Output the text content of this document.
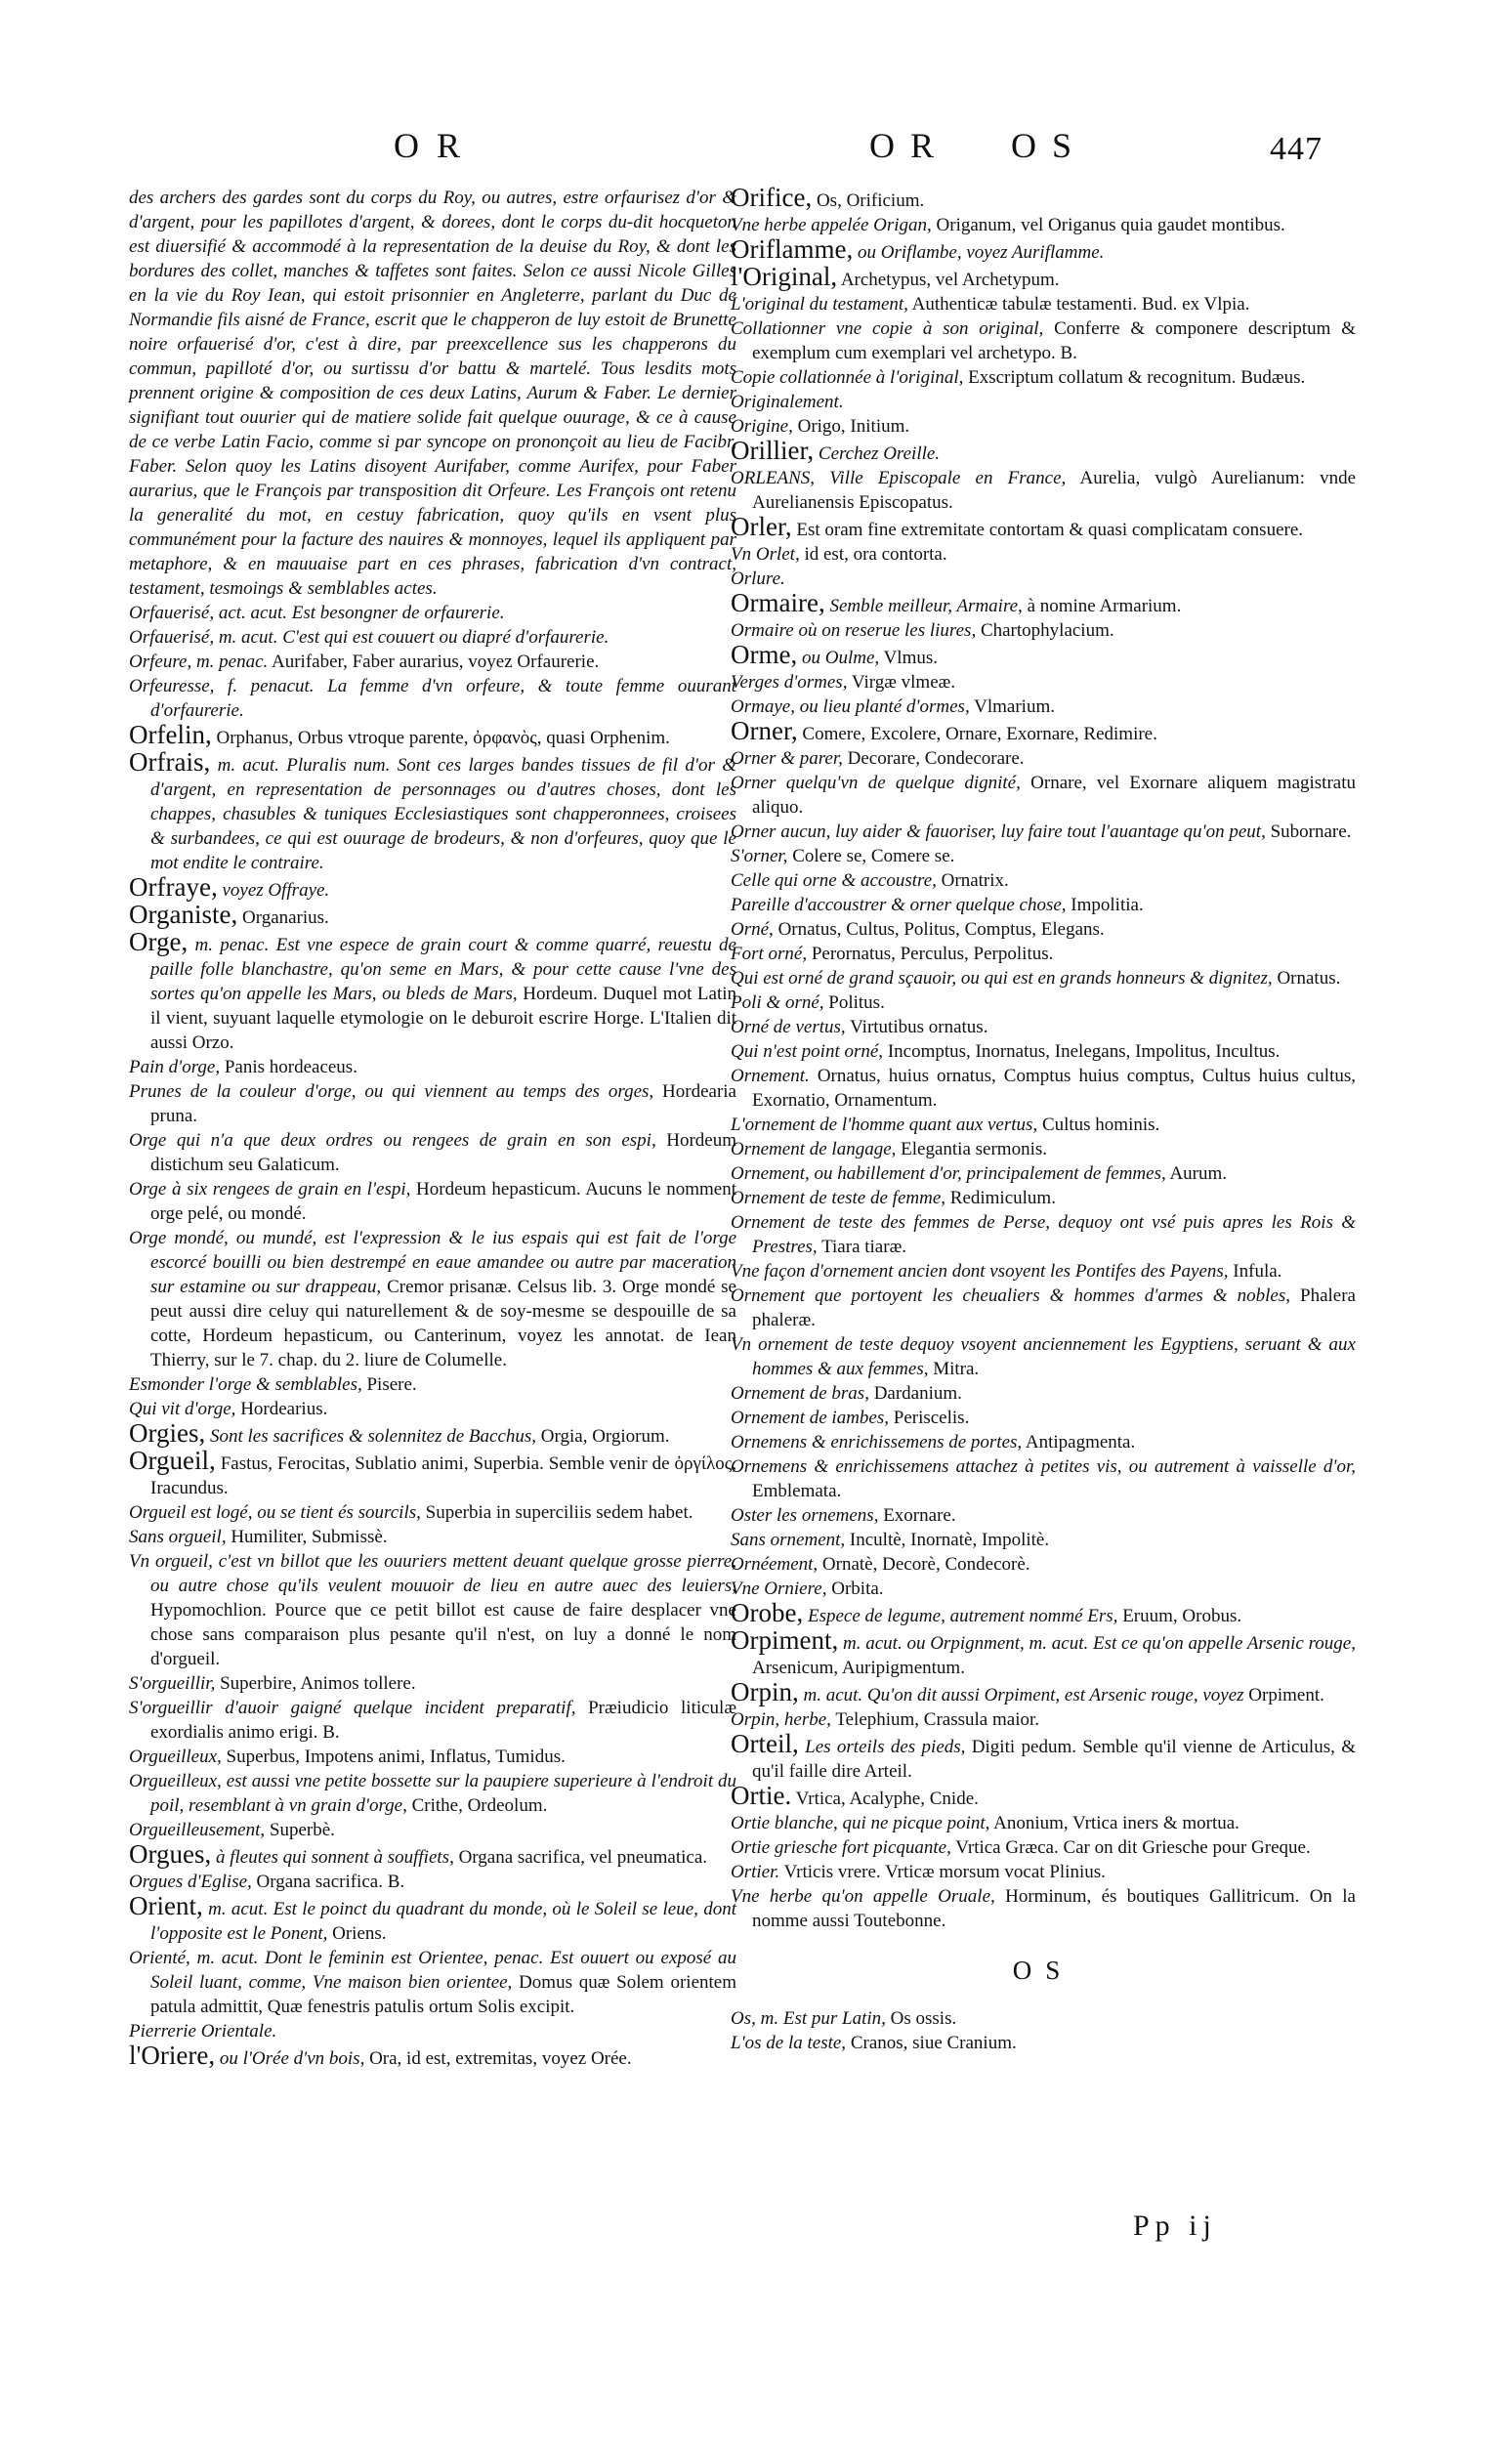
OR	OR OS	447

des archers des gardes sont du corps du Roy, ou autres, estre orfaurisez d'or & d'argent, pour les papillotes d'argent, & dorees, dont le corps du-dit hocqueton est diuersifié & accommodé à la representation de la deuise du Roy, & dont les bordures des collet, manches & taffetes sont faites. Selon ce aussi Nicole Gilles en la vie du Roy Iean, qui estoit prisonnier en Angleterre, parlant du Duc de Normandie fils aisné de France, escrit que le chapperon de luy estoit de Brunette noire orfauerisé d'or, c'est à dire, par preexcellence sus les chapperons du commun, papilloté d'or, ou surtissu d'or battu & martelé. Tous lesdits mots prennent origine & composition de ces deux Latins, Aurum & Faber. Le dernier signifiant tout ouurier qui de matiere solide fait quelque ouurage, & ce à cause de ce verbe Latin Facio, comme si par syncope on prononçoit au lieu de Facibr, Faber. Selon quoy les Latins disoyent Aurifaber, comme Aurifex, pour Faber aurarius, que le François par transposition dit Orfeure. Les François ont retenu la generalité du mot, en cestuy fabrication, quoy qu'ils en vsent plus communément pour la facture des nauires & monnoyes, lequel ils appliquent par metaphore, & en mauuaise part en ces phrases, fabrication d'vn contract, testament, tesmoings & semblables actes.

Orfauerisé, act. acut. Est besongner de orfaurerie.

Orfauerisé, m. acut. C'est qui est couuert ou diapré d'orfaurerie.

Orfeure, m. penac. Aurifaber, Faber aurarius, voyez Orfaurerie.

Orfeuresse, f. penacut. La femme d'vn orfeure, & toute femme ouurant d'orfaurerie.

Orfelin, Orphanus, Orbus vtroque parente, ὀρφανὸς, quasi Orphenim.

Orfrais, m. acut. Pluralis num. Sont ces larges bandes tissues de fil d'or & d'argent, en representation de personnages ou d'autres choses, dont les chappes, chasubles & tuniques Ecclesiastiques sont chapperonnees, croisees & surbandees, ce qui est ouurage de brodeurs, & non d'orfeures, quoy que le mot endite le contraire.

Orfraye, voyez Offraye.

Organiste, Organarius.

Orge, m. penac. Est vne espece de grain court & comme quarré, reuestu de paille folle blanchastre, qu'on seme en Mars, & pour cette cause l'vne des sortes qu'on appelle les Mars, ou bleds de Mars, Hordeum. Duquel mot Latin il vient, suyuant laquelle etymologie on le deburoit escrire Horge. L'Italien dit aussi Orzo.

Pain d'orge, Panis hordeaceus.

Prunes de la couleur d'orge, ou qui viennent au temps des orges, Hordearia pruna.

Orge qui n'a que deux ordres ou rengees de grain en son espi, Hordeum distichum seu Galaticum.

Orge à six rengees de grain en l'espi, Hordeum hepasticum. Aucuns le nomment orge pelé, ou mondé.

Orge mondé, ou mundé, est l'expression & le ius espais qui est fait de l'orge escorcé bouilli ou bien destrempé en eaue amandee ou autre par maceration sur estamine ou sur drappeau, Cremor prisanæ. Celsus lib. 3. Orge mondé se peut aussi dire celuy qui naturellement & de soy-mesme se despouille de sa cotte, Hordeum hepasticum, ou Canterinum, voyez les annotat. de Iean Thierry, sur le 7. chap. du 2. liure de Columelle.

Esmonder l'orge & semblables, Pisere.

Qui vit d'orge, Hordearius.

Orgies, Sont les sacrifices & solennitez de Bacchus, Orgia, Orgiorum.

Orgueil, Fastus, Ferocitas, Sublatio animi, Superbia. Semble venir de ὀργίλος, Iracundus.

Orgueil est logé, ou se tient és sourcils, Superbia in superciliis sedem habet.

Sans orgueil, Humiliter, Submissè.

Vn orgueil, c'est vn billot que les ouuriers mettent deuant quelque grosse pierre, ou autre chose qu'ils veulent mouuoir de lieu en autre auec des leuiers, Hypomochlion. Pource que ce petit billot est cause de faire desplacer vne chose sans comparaison plus pesante qu'il n'est, on luy a donné le nom d'orgueil.

S'orgueillir, Superbire, Animos tollere.

S'orgueillir d'auoir gaigné quelque incident preparatif, Præiudicio liticulæ exordialis animo erigi. B.

Orgueilleux, Superbus, Impotens animi, Inflatus, Tumidus.

Orgueilleux, est aussi vne petite bossette sur la paupiere superieure à l'endroit du poil, resemblant à vn grain d'orge, Crithe, Ordeolum.

Orgueilleusement, Superbè.

Orgues, à fleutes qui sonnent à souffiets, Organa sacrifica, vel pneumatica.

Orgues d'Eglise, Organa sacrifica. B.

Orient, m. acut. Est le poinct du quadrant du monde, où le Soleil se leue, dont l'opposite est le Ponent, Oriens.

Orienté, m. acut. Dont le feminin est Orientee, penac. Est ouuert ou exposé au Soleil luant, comme, Vne maison bien orientee, Domus quæ Solem orientem patula admittit, Quæ fenestris patulis ortum Solis excipit.

Pierrerie Orientale.

l'Oriere, ou l'Orée d'vn bois, Ora, id est, extremitas, voyez Orée.

Orifice, Os, Orificium.

Vne herbe appelée Origan, Origanum, vel Origanus quia gaudet montibus.

Oriflamme, ou Oriflambe, voyez Auriflamme.

l'Original, Archetypus, vel Archetypum.

L'original du testament, Authenticæ tabulæ testamenti. Bud. ex Vlpia.

Collationner vne copie à son original, Conferre & componere descriptum & exemplum cum exemplari vel archetypo. B.

Copie collationnée à l'original, Exscriptum collatum & recognitum. Budæus.

Originalement.

Origine, Origo, Initium.

Orillier, Cerchez Oreille.

ORLEANS, Ville Episcopale en France, Aurelia, vulgò Aurelianum: vnde Aurelianensis Episcopatus.

Orler, Est oram fine extremitate contortam & quasi complicatam consuere.

Vn Orlet, id est, ora contorta.

Orlure.

Ormaire, Semble meilleur, Armaire, à nomine Armarium.

Ormaire où on reserue les liures, Chartophylacium.

Orme, ou Oulme, Vlmus.

Verges d'ormes, Virgæ vlmeæ.

Ormaye, ou lieu planté d'ormes, Vlmarium.

Orner, Comere, Excolere, Ornare, Exornare, Redimire.

Orner & parer, Decorare, Condecorare.

Orner quelqu'vn de quelque dignité, Ornare, vel Exornare aliquem magistratu aliquo.

Orner aucun, luy aider & fauoriser, luy faire tout l'auantage qu'on peut, Subornare.

S'orner, Colere se, Comere se.

Celle qui orne & accoustre, Ornatrix.

Pareille d'accoustrer & orner quelque chose, Impolitia.

Orné, Ornatus, Cultus, Politus, Comptus, Elegans.

Fort orné, Perornatus, Perculus, Perpolitus.

Qui est orné de grand sçauoir, ou qui est en grands honneurs & dignitez, Ornatus.

Poli & orné, Politus.

Orné de vertus, Virtutibus ornatus.

Qui n'est point orné, Incomptus, Inornatus, Inelegans, Impolitus, Incultus.

Ornement. Ornatus, huius ornatus, Comptus huius comptus, Cultus huius cultus, Exornatio, Ornamentum.

L'ornement de l'homme quant aux vertus, Cultus hominis.

Ornement de langage, Elegantia sermonis.

Ornement, ou habillement d'or, principalement de femmes, Aurum.

Ornement de teste de femme, Redimiculum.

Ornement de teste des femmes de Perse, dequoy ont vsé puis apres les Rois & Prestres, Tiara tiaræ.

Vne façon d'ornement ancien dont vsoyent les Pontifes des Payens, Infula.

Ornement que portoyent les cheualiers & hommes d'armes & nobles, Phalera phaleræ.

Vn ornement de teste dequoy vsoyent anciennement les Egyptiens, seruant & aux hommes & aux femmes, Mitra.

Ornement de bras, Dardanium.

Ornement de iambes, Periscelis.

Ornemens & enrichissemens de portes, Antipagmenta.

Ornemens & enrichissemens attachez à petites vis, ou autrement à vaisselle d'or, Emblemata.

Oster les ornemens, Exornare.

Sans ornement, Incultè, Inornatè, Impolitè.

Ornéement, Ornatè, Decorè, Condecorè.

Vne Orniere, Orbita.

Orobe, Espece de legume, autrement nommé Ers, Eruum, Orobus.

Orpiment, m. acut. ou Orpignment, m. acut. Est ce qu'on appelle Arsenic rouge, Arsenicum, Auripigmentum.

Orpin, m. acut. Qu'on dit aussi Orpiment, est Arsenic rouge, voyez Orpiment.

Orpin, herbe, Telephium, Crassula maior.

Orteil, Les orteils des pieds, Digiti pedum. Semble qu'il vienne de Articulus, & qu'il faille dire Arteil.

Ortie. Vrtica, Acalyphe, Cnide.

Ortie blanche, qui ne picque point, Anonium, Vrtica iners & mortua.

Ortie griesche fort picquante, Vrtica Græca. Car on dit Griesche pour Greque.

Ortier. Vrticis vrere. Vrticæ morsum vocat Plinius.

Vne herbe qu'on appelle Oruale, Horminum, és boutiques Gallitricum. On la nomme aussi Toutebonne.

OS

Os, m. Est pur Latin, Os ossis.

L'os de la teste, Cranos, siue Cranium.

Pp ij
